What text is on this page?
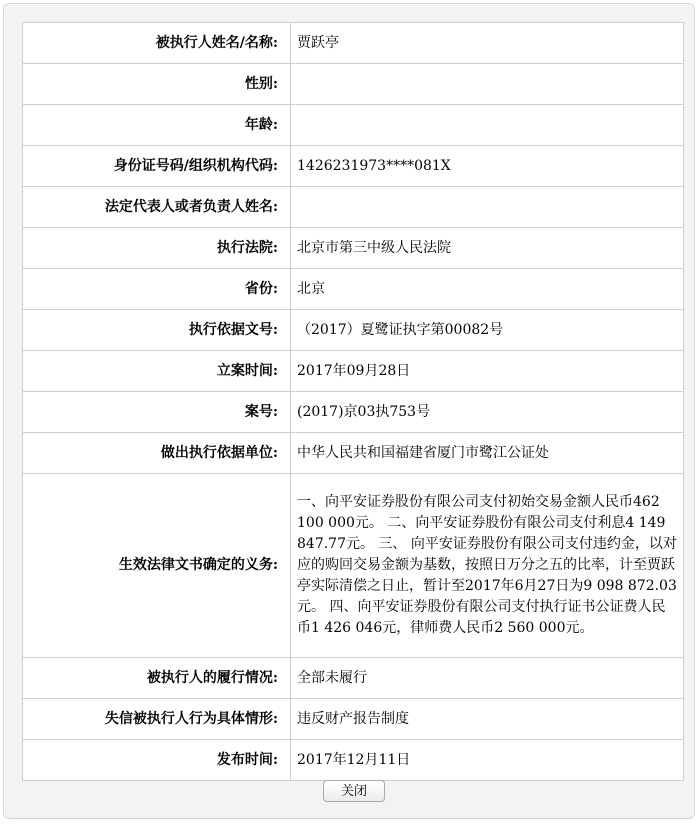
被执行人姓名/名称:	贾跃亭
性别:	
年龄:	
身份证号码/组织机构代码:	1426231973****081X
法定代表人或者负责人姓名:	
执行法院:	北京市第三中级人民法院
省份:	北京
执行依据文号:	（2017）夏鹭证执字第00082号
立案时间:	2017年09月28日
案号:	(2017)京03执753号
做出执行依据单位:	中华人民共和国福建省厦门市鹭江公证处
生效法律文书确定的义务:	一、向平安证券股份有限公司支付初始交易金额人民币462 100 000元。 二、向平安证券股份有限公司支付利息4 149 847.77元。 三、 向平安证券股份有限公司支付违约金，以对应的购回交易金额为基数，按照日万分之五的比率，计至贾跃亭实际清偿之日止，暂计至2017年6月27日为9 098 872.03元。 四、向平安证券股份有限公司支付执行证书公证费人民币1 426 046元，律师费人民币2 560 000元。
被执行人的履行情况:	全部未履行
失信被执行人行为具体情形:	违反财产报告制度
发布时间:	2017年12月11日
关闭
